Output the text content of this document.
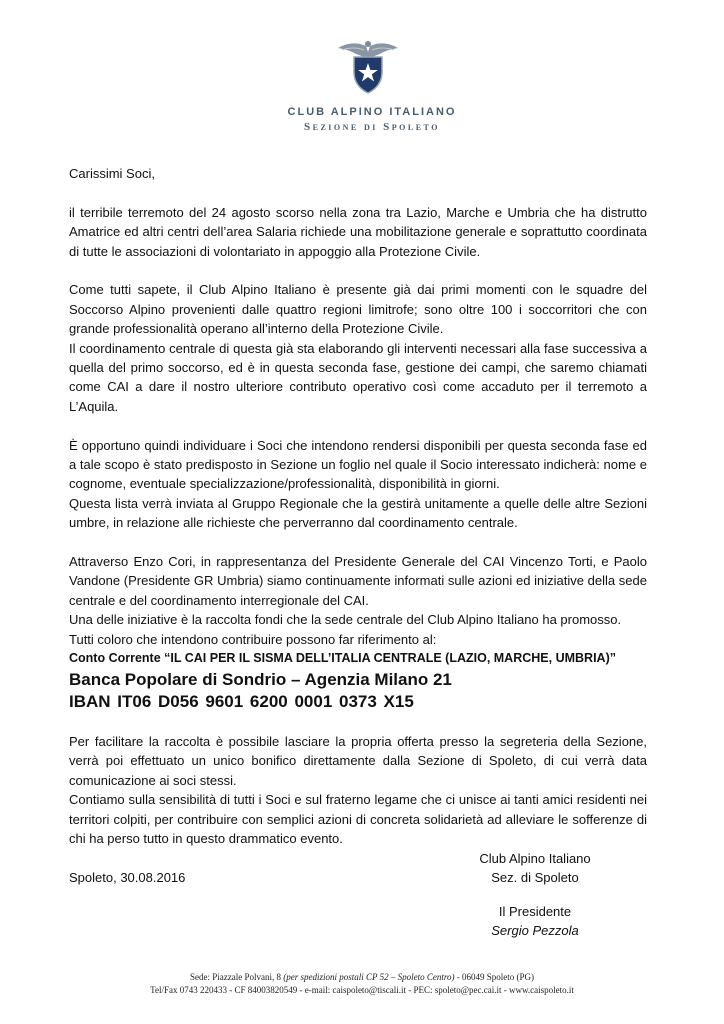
CLUB ALPINO ITALIANO
Sezione di Spoleto

Carissimi Soci,

il terribile terremoto del 24 agosto scorso nella zona tra Lazio, Marche e Umbria che ha distrutto Amatrice ed altri centri dell’area Salaria richiede una mobilitazione generale e soprattutto coordinata di tutte le associazioni di volontariato in appoggio alla Protezione Civile.

Come tutti sapete, il Club Alpino Italiano è presente già dai primi momenti con le squadre del Soccorso Alpino provenienti dalle quattro regioni limitrofe; sono oltre 100 i soccorritori che con grande professionalità operano all’interno della Protezione Civile.

Il coordinamento centrale di questa già sta elaborando gli interventi necessari alla fase successiva a quella del primo soccorso, ed è in questa seconda fase, gestione dei campi, che saremo chiamati come CAI a dare il nostro ulteriore contributo operativo così come accaduto per il terremoto a L’Aquila.

È opportuno quindi individuare i Soci che intendono rendersi disponibili per questa seconda fase ed a tale scopo è stato predisposto in Sezione un foglio nel quale il Socio interessato indicherà: nome e cognome, eventuale specializzazione/professionalità, disponibilità in giorni.

Questa lista verrà inviata al Gruppo Regionale che la gestirà unitamente a quelle delle altre Sezioni umbre, in relazione alle richieste che perverranno dal coordinamento centrale.

Attraverso Enzo Cori, in rappresentanza del Presidente Generale del CAI Vincenzo Torti, e Paolo Vandone (Presidente GR Umbria) siamo continuamente informati sulle azioni ed iniziative della sede centrale e del coordinamento interregionale del CAI.

Una delle iniziative è la raccolta fondi che la sede centrale del Club Alpino Italiano ha promosso.

Tutti coloro che intendono contribuire possono far riferimento al:

Conto Corrente “IL CAI PER IL SISMA DELL’ITALIA CENTRALE (LAZIO, MARCHE, UMBRIA)”

Banca Popolare di Sondrio – Agenzia Milano 21

IBAN IT06 D056 9601 6200 0001 0373 X15

Per facilitare la raccolta è possibile lasciare la propria offerta presso la segreteria della Sezione, verrà poi effettuato un unico bonifico direttamente dalla Sezione di Spoleto, di cui verrà data comunicazione ai soci stessi.

Contiamo sulla sensibilità di tutti i Soci e sul fraterno legame che ci unisce ai tanti amici residenti nei territori colpiti, per contribuire con semplici azioni di concreta solidarietà ad alleviare le sofferenze di chi ha perso tutto in questo drammatico evento.

Spoleto, 30.08.2016

Club Alpino Italiano
Sez. di Spoleto
Il Presidente
Sergio Pezzola
Sede: Piazzale Polvani, 8 (per spedizioni postali CP 52 – Spoleto Centro) - 06049 Spoleto (PG)
Tel/Fax 0743 220433 - CF 84003820549 - e-mail: caispoleto@tiscali.it - PEC: spoleto@pec.cai.it - www.caispoleto.it
